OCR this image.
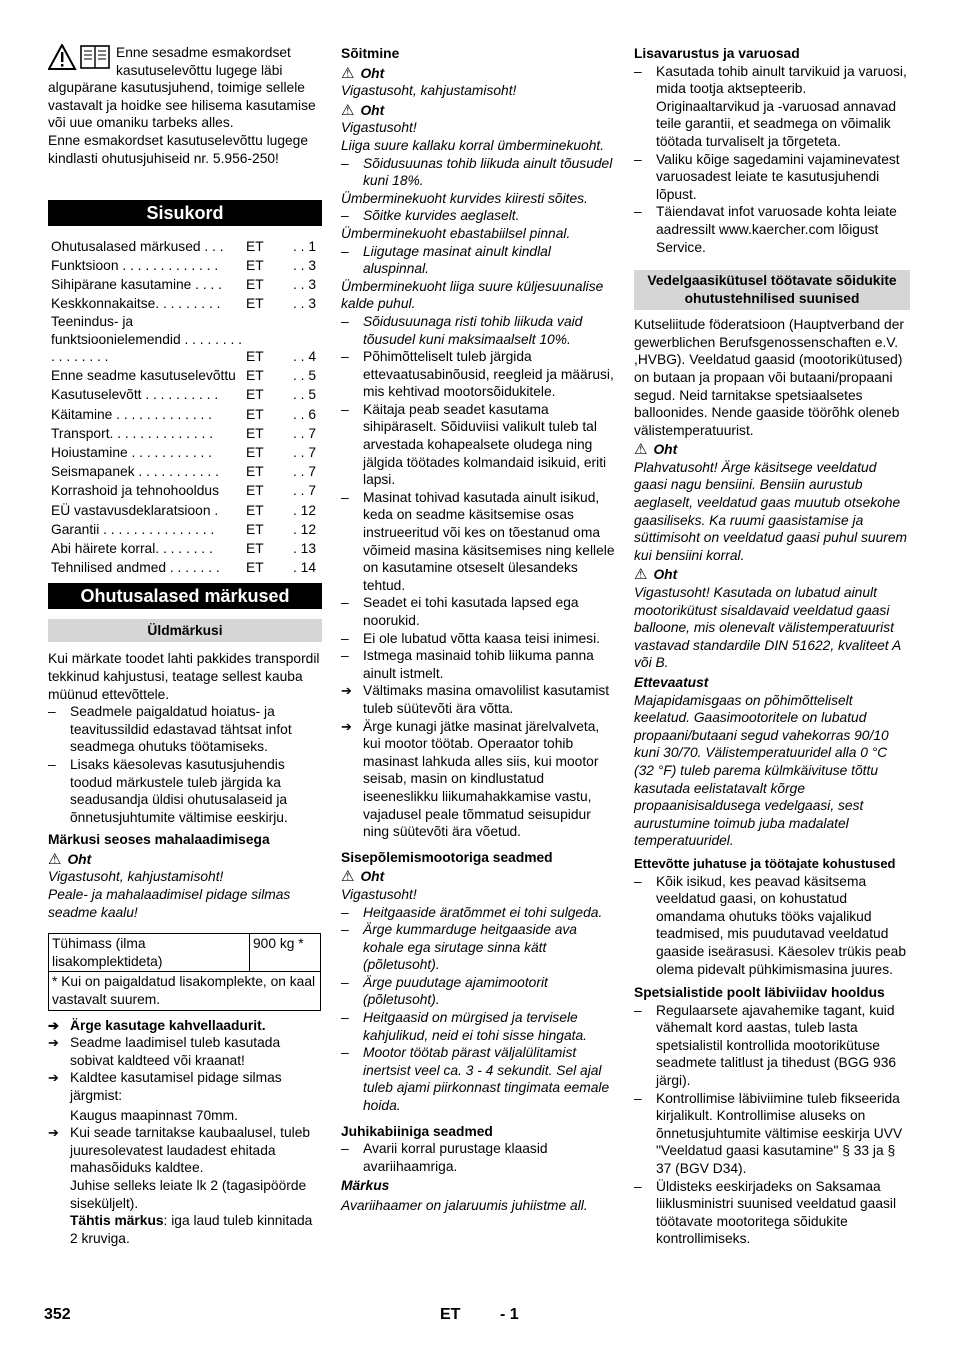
Enne sesadme esmakordset kasutuselevõttu lugege läbi algupärane kasutusjuhend, toimige sellele vastavalt ja hoidke see hilisema kasutamise või uue omaniku tarbeks alles.

Enne esmakordset kasutuselevõttu lugege kindlasti ohutusjuhiseid nr. 5.956-250!

Sisukord
Ohutusalased märkused . . .	ET	. . 1
Funktsioon . . . . . . . . . . . . .	ET	. . 3
Sihipärane kasutamine . . . .	ET	. . 3
Keskkonnakaitse. . . . . . . . .	ET	. . 3
Teenindus- ja funktsioonielemendid . . . . . . . . . . . . . . . .	ET	. . 4
Enne seadme kasutuselevõttu	ET	. . 5
Kasutuselevõtt . . . . . . . . . .	ET	. . 5
Käitamine . . . . . . . . . . . . .	ET	. . 6
Transport. . . . . . . . . . . . . .	ET	. . 7
Hoiustamine . . . . . . . . . . .	ET	. . 7
Seismapanek . . . . . . . . . . .	ET	. . 7
Korrashoid ja tehnohooldus	ET	. . 7
EÜ vastavusdeklaratsioon .	ET	. 12
Garantii . . . . . . . . . . . . . . .	ET	. 12
Abi häirete korral. . . . . . . .	ET	. 13
Tehnilised andmed . . . . . . .	ET	. 14
Ohutusalased märkused
Üldmärkusi

Kui märkate toodet lahti pakkides transpordil tekkinud kahjustusi, teatage sellest kauba müünud ettevõttele.

– Seadmele paigaldatud hoiatus- ja teavitussildid edastavad tähtsat infot seadmega ohutuks töötamiseks.
– Lisaks käesolevas kasutusjuhendis toodud märkustele tuleb järgida ka seadusandja üldisi ohutusalaseid ja õnnetusjuhtumite vältimise eeskirju.

Märkusi seoses mahalaadimisega

⚠ Oht

Vigastusoht, kahjustamisoht!

Peale- ja mahalaadimisel pidage silmas seadme kaalu!

Tühimass (ilma lisakomplektideta)	900 kg *
* Kui on paigaldatud lisakomplekte, on kaal vastavalt suurem.

➔ Ärge kasutage kahvellaadurit.

➔ Seadme laadimisel tuleb kasutada sobivat kaldteed või kraanat!

➔ Kaldtee kasutamisel pidage silmas järgmist:

Kaugus maapinnast 70mm.

➔ Kui seade tarnitakse kaubaalusel, tuleb juuresolevatest laudadest ehitada mahasõiduks kaldtee.

Juhise selleks leiate lk 2 (tagasipöörde siseküljelt).

Tähtis märkus: iga laud tuleb kinnitada 2 kruviga.

Sõitmine

⚠ Oht

Vigastusoht, kahjustamisoht!

⚠ Oht

Vigastusoht!

Liiga suure kallaku korral ümberminekuoht.

– Sõidusuunas tohib liikuda ainult tõusudel kuni 18%.

Ümberminekuoht kurvides kiiresti sõites.

– Sõitke kurvides aeglaselt.

Ümberminekuoht ebastabiilsel pinnal.

– Liigutage masinat ainult kindlal aluspinnal.

Ümberminekuoht liiga suure küljesuunalise kalde puhul.

– Sõidusuunaga risti tohib liikuda vaid tõusudel kuni maksimaalselt 10%.
– Põhimõtteliselt tuleb järgida ettevaatusabinõusid, reegleid ja määrusi, mis kehtivad mootorsõidukitele.
– Käitaja peab seadet kasutama sihipäraselt. Sõiduviisi valikult tuleb tal arvestada kohapealsete oludega ning jälgida töötades kolmandaid isikuid, eriti lapsi.
– Masinat tohivad kasutada ainult isikud, keda on seadme käsitsemise osas instrueeritud või kes on tõestanud oma võimeid masina käsitsemises ning kellele on kasutamine otseselt ülesandeks tehtud.
– Seadet ei tohi kasutada lapsed ega noorukid.
– Ei ole lubatud võtta kaasa teisi inimesi.
– Istmega masinaid tohib liikuma panna ainult istmelt.

➔ Vältimaks masina omavolilist kasutamist tuleb süütevõti ära võtta.

➔ Ärge kunagi jätke masinat järelvalveta, kui mootor töötab. Operaator tohib masinast lahkuda alles siis, kui mootor seisab, masin on kindlustatud iseeneslikku liikumahakkamise vastu, vajadusel peale tõmmatud seisupidur ning süütevõti ära võetud.

Sisepõlemismootoriga seadmed

⚠ Oht

Vigastusoht!

– Heitgaaside äratõmmet ei tohi sulgeda.
– Ärge kummarduge heitgaaside ava kohale ega sirutage sinna kätt (põletusoht).
– Ärge puudutage ajamimootorit (põletusoht).
– Heitgaasid on mürgised ja tervisele kahjulikud, neid ei tohi sisse hingata.
– Mootor töötab pärast väljalülitamist inertsist veel ca. 3 - 4 sekundit. Sel ajal tuleb ajami piirkonnast tingimata eemale hoida.

Juhikabiiniga seadmed

– Avarii korral purustage klaasid avariihaamriga.

Märkus

Avariihaamer on jalaruumis juhiistme all.

Lisavarustus ja varuosad

– Kasutada tohib ainult tarvikuid ja varuosi, mida tootja aktsepteerib. Originaaltarvikud ja -varuosad annavad teile garantii, et seadmega on võimalik töötada turvaliselt ja tõrgeteta.
– Valiku kõige sagedamini vajaminevatest varuosadest leiate te kasutusjuhendi lõpust.
– Täiendavat infot varuosade kohta leiate aadressilt www.kaercher.com lõigust Service.
Vedelgaasikütusel töötavate sõidukite ohutustehnilised suunised

Kutseliitude föderatsioon (Hauptverband der gewerblichen Berufsgenossenschaften e.V. ,HVBG). Veeldatud gaasid (mootorikütused) on butaan ja propaan või butaani/propaani segud. Neid tarnitakse spetsiaalsetes balloonides. Nende gaaside töörõhk oleneb välistemperatuurist.

⚠ Oht

Plahvatusoht! Ärge käsitsege veeldatud gaasi nagu bensiini. Bensiin aurustub aeglaselt, veeldatud gaas muutub otsekohe gaasiliseks. Ka ruumi gaasistamise ja süttimisoht on veeldatud gaasi puhul suurem kui bensiini korral.

⚠ Oht

Vigastusoht! Kasutada on lubatud ainult mootorikütust sisaldavaid veeldatud gaasi balloone, mis olenevalt välistemperatuurist vastavad standardile DIN 51622, kvaliteet A või B.

Ettevaatust

Majapidamisgaas on põhimõtteliselt keelatud. Gaasimootoritele on lubatud propaani/butaani segud vahekorras 90/10 kuni 30/70. Välistemperatuuridel alla 0 °C (32 °F) tuleb parema külmkäivituse tõttu kasutada eelistatavalt kõrge propaanisisaldusega vedelgaasi, sest aurustumine toimub juba madalatel temperatuuridel.

Ettevõtte juhatuse ja töötajate kohustused

– Kõik isikud, kes peavad käsitsema veeldatud gaasi, on kohustatud omandama ohutuks tööks vajalikud teadmised, mis puudutavad veeldatud gaaside iseärasusi. Käesolev trükis peab olema pidevalt pühkimismasina juures.

Spetsialistide poolt läbiviidav hooldus

– Regulaarsete ajavahemike tagant, kuid vähemalt kord aastas, tuleb lasta spetsialistil kontrollida mootorikütuse seadmete talitlust ja tihedust (BGG 936 järgi).
– Kontrollimise läbiviimine tuleb fikseerida kirjalikult. Kontrollimise aluseks on õnnetusjuhtumite vältimise eeskirja UVV "Veeldatud gaasi kasutamine" § 33 ja § 37 (BGV D34).
– Üldisteks eeskirjadeks on Saksamaa liiklusministri suunised veeldatud gaasil töötavate mootoritega sõidukite kontrollimiseks.
352	ET - 1
